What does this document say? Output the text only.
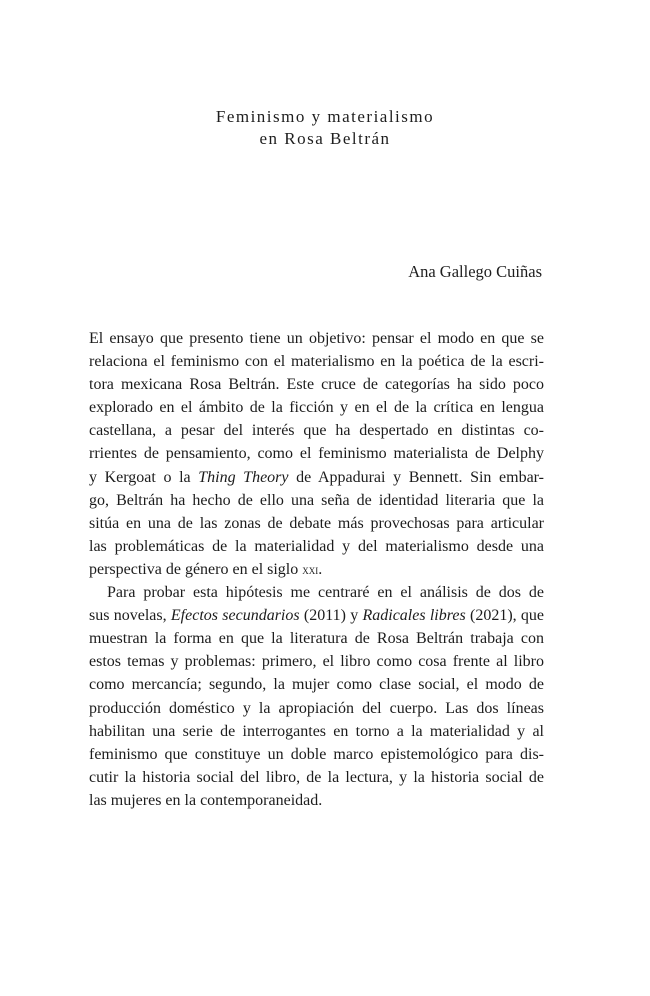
Feminismo y materialismo
en Rosa Beltrán
Ana Gallego Cuiñas
El ensayo que presento tiene un objetivo: pensar el modo en que se
relaciona el feminismo con el materialismo en la poética de la escri-
tora mexicana Rosa Beltrán. Este cruce de categorías ha sido poco
explorado en el ámbito de la ficción y en el de la crítica en lengua
castellana, a pesar del interés que ha despertado en distintas co-
rrientes de pensamiento, como el feminismo materialista de Delphy
y Kergoat o la Thing Theory de Appadurai y Bennett. Sin embar-
go, Beltrán ha hecho de ello una seña de identidad literaria que la
sitúa en una de las zonas de debate más provechosas para articular
las problemáticas de la materialidad y del materialismo desde una
perspectiva de género en el siglo xxi.
Para probar esta hipótesis me centraré en el análisis de dos de
sus novelas, Efectos secundarios (2011) y Radicales libres (2021), que
muestran la forma en que la literatura de Rosa Beltrán trabaja con
estos temas y problemas: primero, el libro como cosa frente al libro
como mercancía; segundo, la mujer como clase social, el modo de
producción doméstico y la apropiación del cuerpo. Las dos líneas
habilitan una serie de interrogantes en torno a la materialidad y al
feminismo que constituye un doble marco epistemológico para dis-
cutir la historia social del libro, de la lectura, y la historia social de
las mujeres en la contemporaneidad.
